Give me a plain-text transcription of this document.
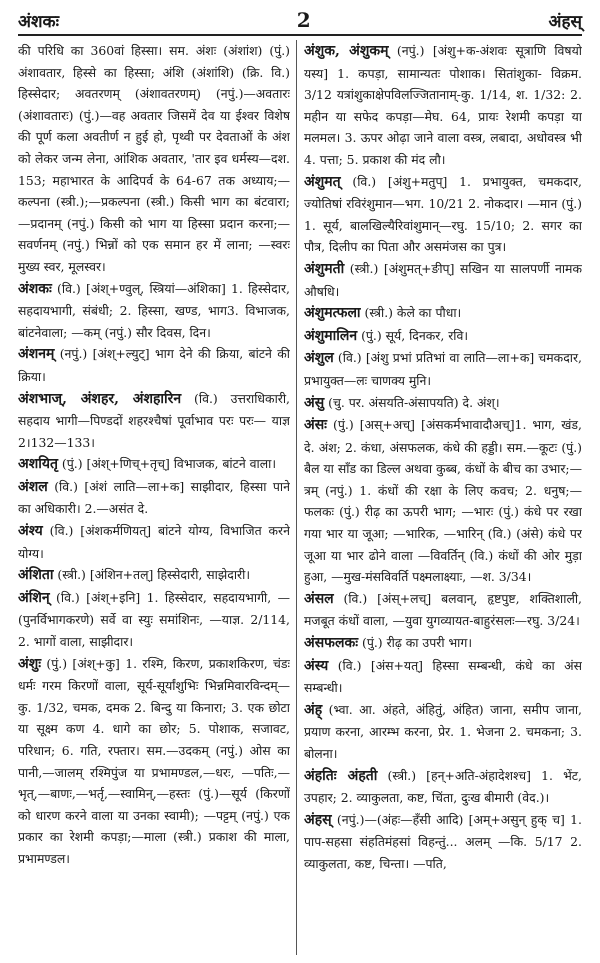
अंशकः	2	अंहस्

की परिधि का 360वां हिस्सा। सम. अंशः (अंशांश) (पुं.) अंशावतार, हिस्से का हिस्सा; अंशि (अंशांशि) (क्रि. वि.) हिस्सेदार; अवतरणम् (अंशावतरणम्) (नपुं.)—अवतारः (अंशावतारः) (पुं.)—वह अवतार जिसमें देव या ईश्वर विशेष की पूर्ण कला अवतीर्ण न हुई हो, पृथ्वी पर देवताओं के अंश को लेकर जन्म लेना, आंशिक अवतार, 'तार इव धर्मस्य—दश. 153; महाभारत के आदिपर्व के 64-67 तक अध्याय;—कल्पना (स्त्री.);—प्रकल्पना (स्त्री.) किसी भाग का बंटवारा; —प्रदानम् (नपुं.) किसी को भाग या हिस्सा प्रदान करना;—सवर्णनम् (नपुं.) भिन्नों को एक समान हर में लाना; —स्वरः मुख्य स्वर, मूलस्वर।

अंशकः (वि.) [अंश्+ण्वुल्, स्त्रियां—अंशिका] 1. हिस्सेदार, सहदायभागी, संबंधी; 2. हिस्सा, खण्ड, भाग3. विभाजक, बांटनेवाला; —कम् (नपुं.) सौर दिवस, दिन।

अंशनम् (नपुं.) [अंश्+ल्युट्] भाग देने की क्रिया, बांटने की क्रिया।

अंशभाज्, अंशहर, अंशहारिन (वि.) उत्तराधिकारी, सहदाय भागी—पिण्डदों शहरश्चैषां पूर्वाभाव परः परः— याज्ञ 2।132—133।

अशयितृ (पुं.) [अंश्+णिच्+तृच्] विभाजक, बांटने वाला।

अंशल (वि.) [अंशं लाति—ला+क] साझीदार, हिस्सा पाने का अधिकारी। 2.—असंत दे.

अंश्य (वि.) [अंशकर्मणियत्] बांटने योग्य, विभाजित करने योग्य।

अंशिता (स्त्री.) [अंशिन+तल्] हिस्सेदारी, साझेदारी।

अंशिन् (वि.) [अंश्+इनि] 1. हिस्सेदार, सहदायभागी, —(पुनर्विभागकरणे) सर्वे वा स्युः समांशिनः, —याज्ञ. 2/114, 2. भागों वाला, साझीदार।

अंशुः (पुं.) [अंश्+कु] 1. रश्मि, किरण, प्रकाशकिरण, चंडः धर्मः गरम किरणों वाला, सूर्य-सूर्यांशुभिः भिन्नमिवारविन्दम्—कु. 1/32, चमक, दमक 2. बिन्दु या किनारा; 3. एक छोटा या सूक्ष्म कण 4. धागे का छोर; 5. पोशाक, सजावट, परिधान; 6. गति, रफ्तार। सम.—उदकम् (नपुं.) ओस का पानी,—जालम् रश्मिपुंज या प्रभामण्डल,—धरः, —पतिः,—भृत्,—बाणः,—भर्तृ,—स्वामिन्,—हस्तः (पुं.)—सूर्य (किरणों को धारण करने वाला या उनका स्वामी); —पट्टम् (नपुं.) एक प्रकार का रेशमी कपड़ा;—माला (स्त्री.) प्रकाश की माला, प्रभामण्डल।

अंशुक, अंशुकम् (नपुं.) [अंशु+क-अंशवः सूत्राणि विषयो यस्य] 1. कपड़ा, सामान्यतः पोशाक। सितांशुका- विक्रम. 3/12 यत्रांशुकाक्षेपविलज्जितानाम्-कु. 1/14, श. 1/32: 2. महीन या सफेद कपड़ा—मेघ. 64, प्रायः रेशमी कपड़ा या मलमल। 3. ऊपर ओढ़ा जाने वाला वस्त्र, लबादा, अधोवस्त्र भी 4. पत्ता; 5. प्रकाश की मंद लौ।

अंशुमत् (वि.) [अंशु+मतुप्] 1. प्रभायुक्त, चमकदार, ज्योतिषां रविरंशुमान—भग. 10/21 2. नोकदार। —मान (पुं.) 1. सूर्य, बालखिल्यैरिवांशुमान्—रघु. 15/10; 2. सगर का पौत्र, दिलीप का पिता और असमंजस का पुत्र।

अंशुमती (स्त्री.) [अंशुमत्+ङीप्] सखिन या सालपर्णी नामक औषधि।

अंशुमत्फला (स्त्री.) केले का पौधा।

अंशुमालिन (पुं.) सूर्य, दिनकर, रवि।

अंशुल (वि.) [अंशु प्रभां प्रतिभां वा लाति—ला+क] चमकदार, प्रभायुक्त—लः चाणक्य मुनि।

अंसु (चु. पर. अंसयति-अंसापयति) दे. अंश्।

अंसः (पुं.) [अस्+अच्] [अंसकर्मभावादौअच्]1. भाग, खंड, दे. अंश; 2. कंधा, अंसफलक, कंधे की हड्डी। सम.—कूटः (पुं.) बैल या साँड का डिल्ल अथवा कुब्ब, कंधों के बीच का उभार;—त्रम् (नपुं.) 1. कंधों की रक्षा के लिए कवच; 2. धनुष;—फलकः (पुं.) रीढ़ का ऊपरी भाग; —भारः (पुं.) कंधे पर रखा गया भार या जूआ; —भारिक, —भारिन् (वि.) (अंसे) कंधे पर जूआ या भार ढोने वाला —विवर्तिन् (वि.) कंधों की ओर मुड़ा हुआ, —मुख-मंसविवर्ति पक्ष्मलाक्ष्याः, —श. 3/34।

अंसल (वि.) [अंस्+लच्] बलवान्, हृष्टपुष्ट, शक्तिशाली, मजबूत कंधों वाला, —युवा युगव्यायत-बाहुरंसलः—रघु. 3/24।

अंसफलकः (पुं.) रीढ़ का उपरी भाग।

अंस्य (वि.) [अंस+यत्] हिस्सा सम्बन्धी, कंधे का अंस सम्बन्धी।

अंह् (भ्वा. आ. अंहते, अंहितुं, अंहित) जाना, समीप जाना, प्रयाण करना, आरम्भ करना, प्रेर. 1. भेजना 2. चमकना; 3. बोलना।

अंहतिः अंहती (स्त्री.) [हन्+अति-अंहादेशश्च] 1. भेंट, उपहार; 2. व्याकुलता, कष्ट, चिंता, दुःख बीमारी (वेद.)।

अंहस् (नपुं.)—(अंहः—हँसी आदि) [अम्+असुन् हुक् च] 1. पाप-सहसा संहतिमंहसां विहन्तुं... अलम् —कि. 5/17 2. व्याकुलता, कष्ट, चिन्ता। —पति,
